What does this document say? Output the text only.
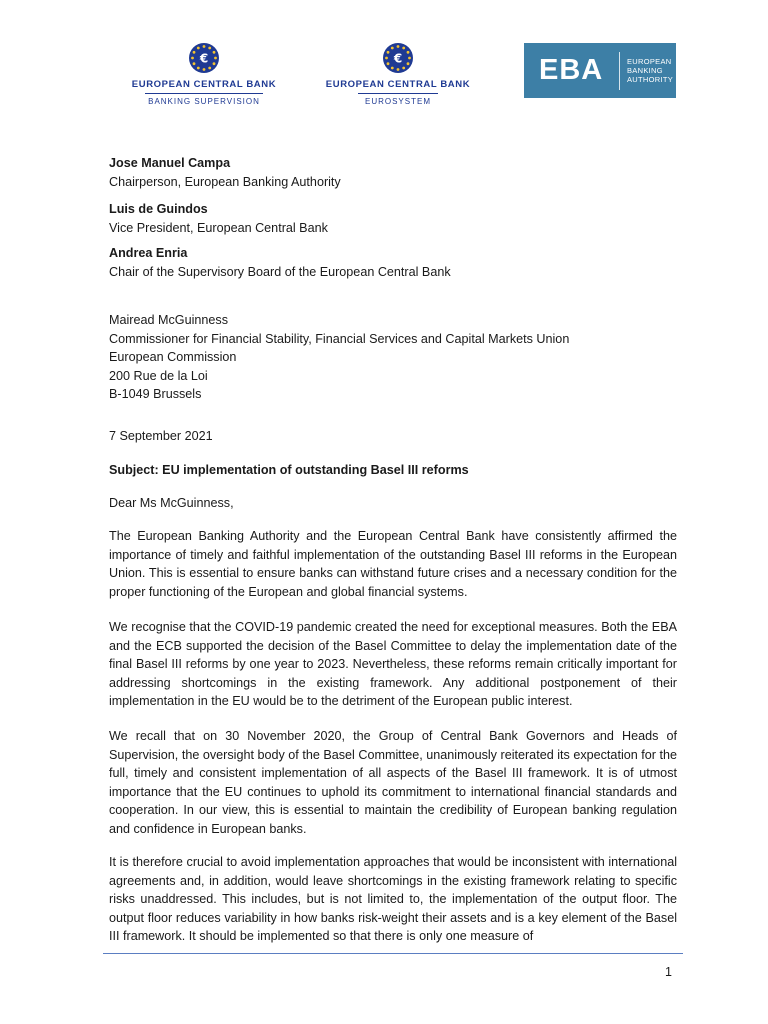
€
EUROPEAN CENTRAL BANK
BANKING SUPERVISION
€
EUROPEAN CENTRAL BANK
EUROSYSTEM
EBA	EUROPEAN
BANKING
AUTHORITY
Jose Manuel Campa
Chairperson, European Banking Authority
Luis de Guindos
Vice President, European Central Bank
Andrea Enria
Chair of the Supervisory Board of the European Central Bank
Mairead McGuinness
Commissioner for Financial Stability, Financial Services and Capital Markets Union
European Commission
200 Rue de la Loi
B-1049 Brussels
7 September 2021
Subject: EU implementation of outstanding Basel III reforms
Dear Ms McGuinness,

The European Banking Authority and the European Central Bank have consistently affirmed the importance of timely and faithful implementation of the outstanding Basel III reforms in the European Union. This is essential to ensure banks can withstand future crises and a necessary condition for the proper functioning of the European and global financial systems.

We recognise that the COVID-19 pandemic created the need for exceptional measures. Both the EBA and the ECB supported the decision of the Basel Committee to delay the implementation date of the final Basel III reforms by one year to 2023. Nevertheless, these reforms remain critically important for addressing shortcomings in the existing framework. Any additional postponement of their implementation in the EU would be to the detriment of the European public interest.

We recall that on 30 November 2020, the Group of Central Bank Governors and Heads of Supervision, the oversight body of the Basel Committee, unanimously reiterated its expectation for the full, timely and consistent implementation of all aspects of the Basel III framework. It is of utmost importance that the EU continues to uphold its commitment to international financial standards and cooperation. In our view, this is essential to maintain the credibility of European banking regulation and confidence in European banks.

It is therefore crucial to avoid implementation approaches that would be inconsistent with international agreements and, in addition, would leave shortcomings in the existing framework relating to specific risks unaddressed. This includes, but is not limited to, the implementation of the output floor. The output floor reduces variability in how banks risk-weight their assets and is a key element of the Basel III framework. It should be implemented so that there is only one measure of

1
